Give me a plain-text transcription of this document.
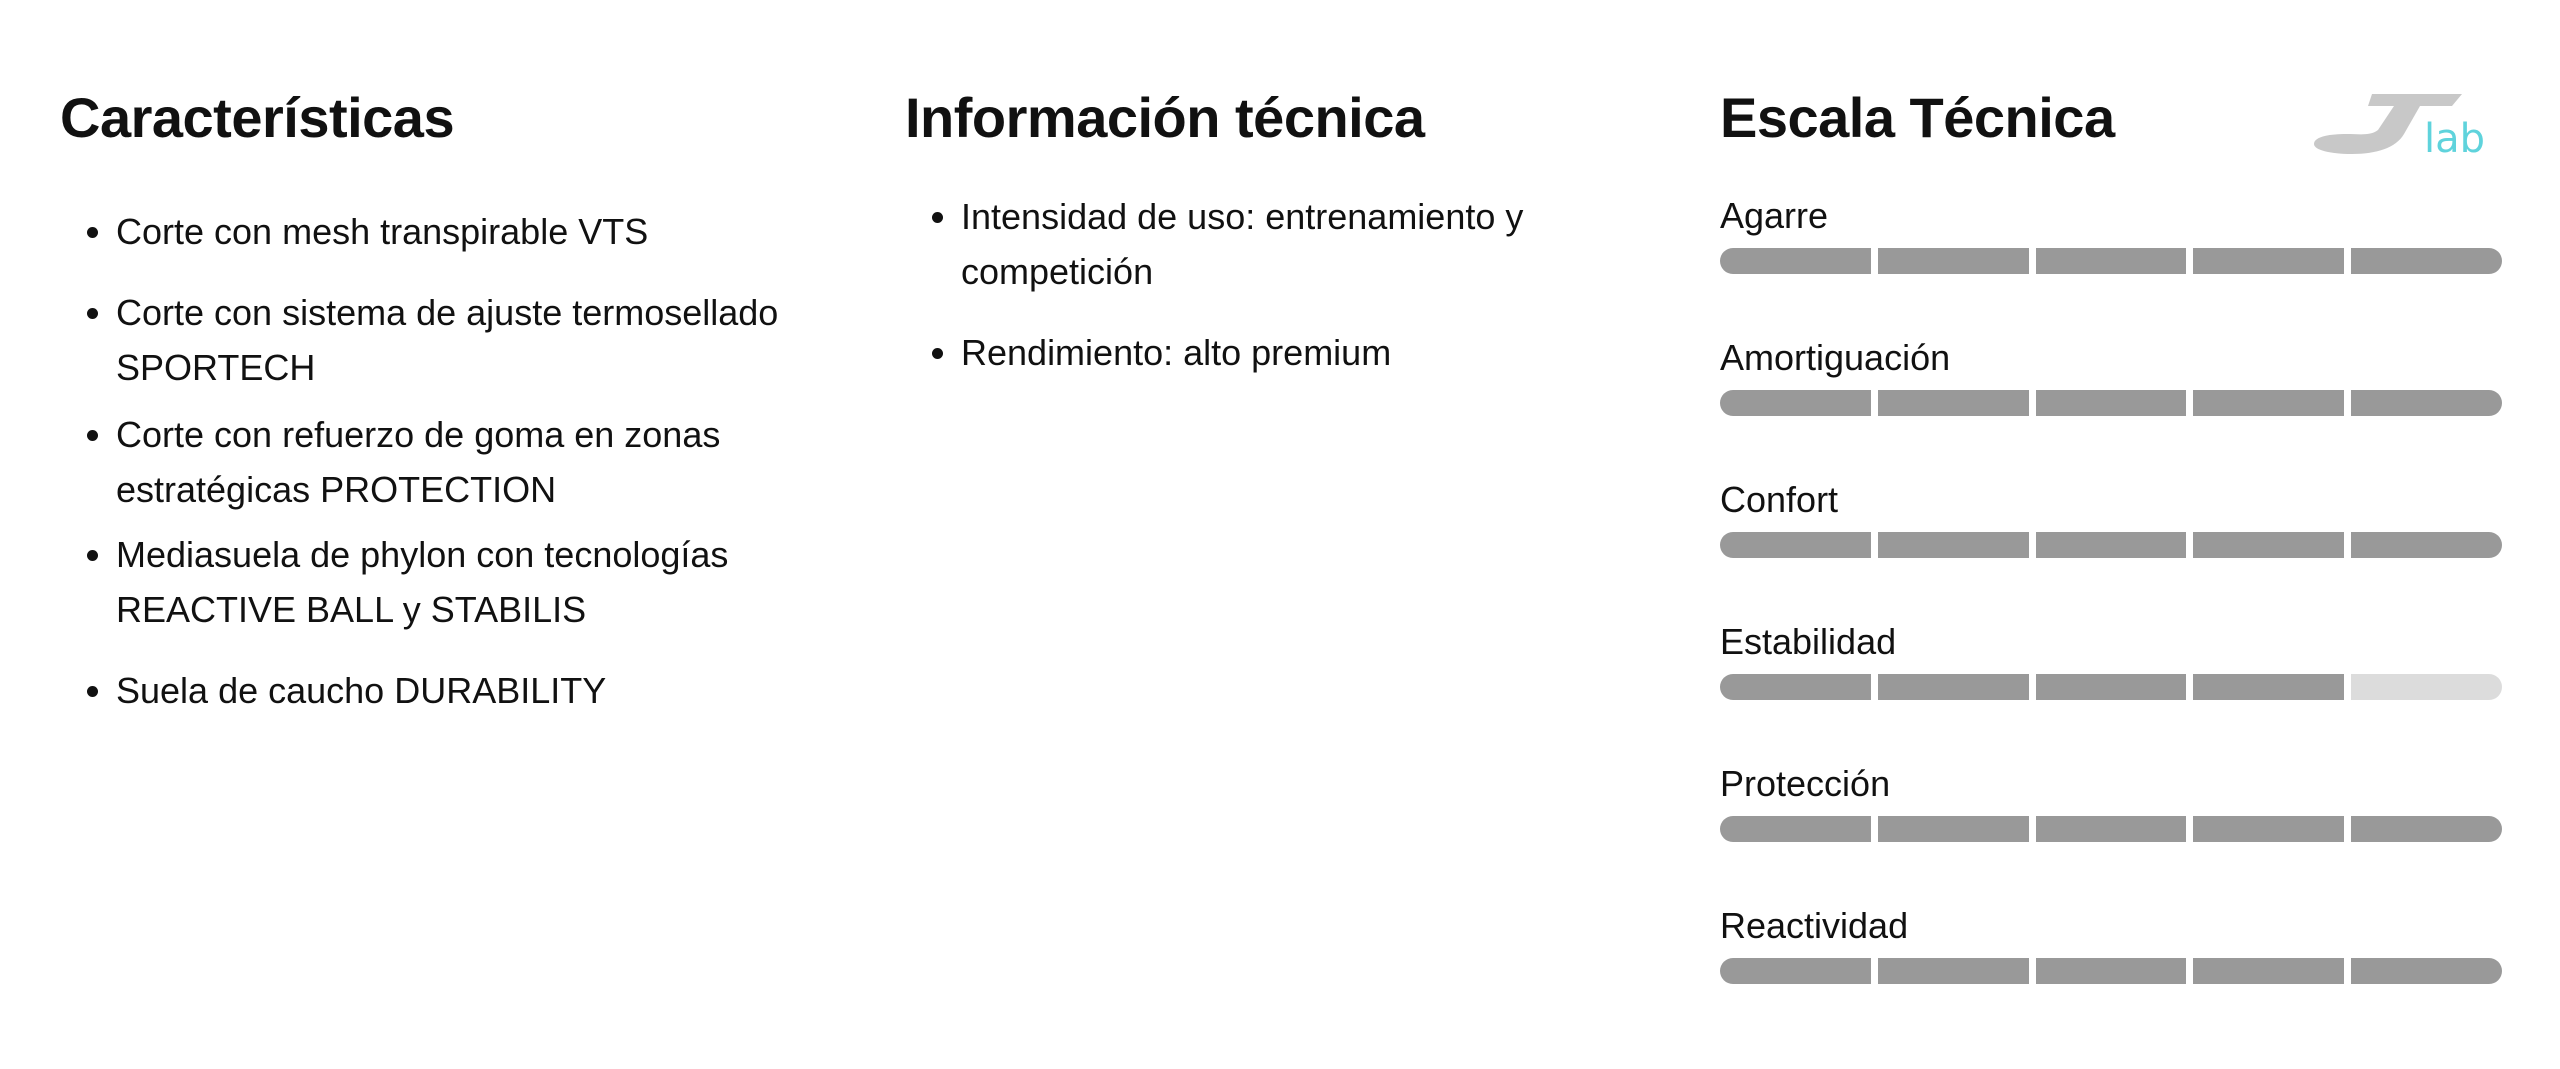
Características
• Corte con mesh transpirable VTS
• Corte con sistema de ajuste termosellado SPORTECH
• Corte con refuerzo de goma en zonas estratégicas PROTECTION
• Mediasuela de phylon con tecnologías REACTIVE BALL y STABILIS
• Suela de caucho DURABILITY
Información técnica
• Intensidad de uso: entrenamiento y competición
• Rendimiento: alto premium
Escala Técnica	lab
Agarre
Amortiguación
Confort
Estabilidad
Protección
Reactividad
